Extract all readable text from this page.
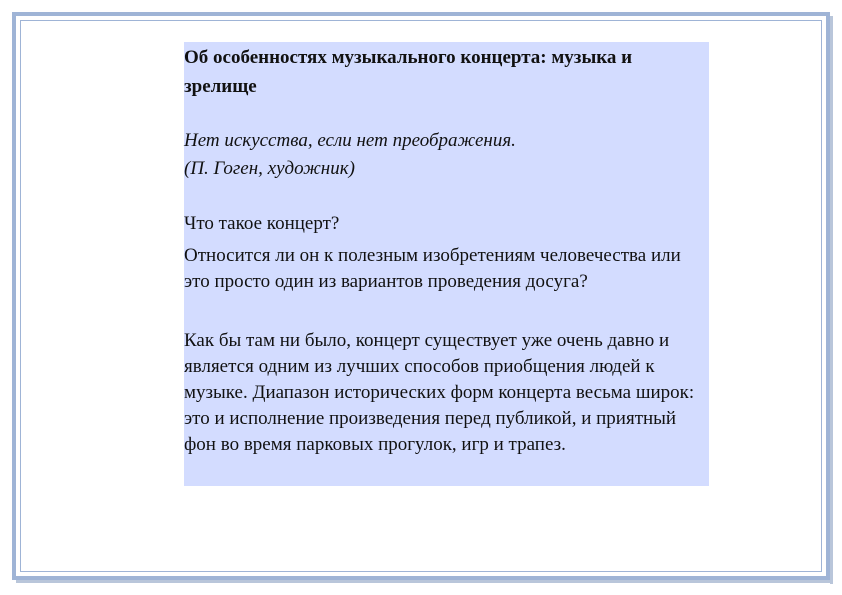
Об особенностях музыкального концерта: музыка и зрелище

Нет искусства, если нет преображения.
(П. Гоген, художник)

Что такое концерт?

Относится ли он к полезным изобретениям человечества или это просто один из вариантов проведения досуга?

Как бы там ни было, концерт существует уже очень давно и является одним из лучших способов приобщения людей к музыке. Диапазон исторических форм концерта весьма широк: это и исполнение произведения перед публикой, и приятный фон во время парковых прогулок, игр и трапез.
